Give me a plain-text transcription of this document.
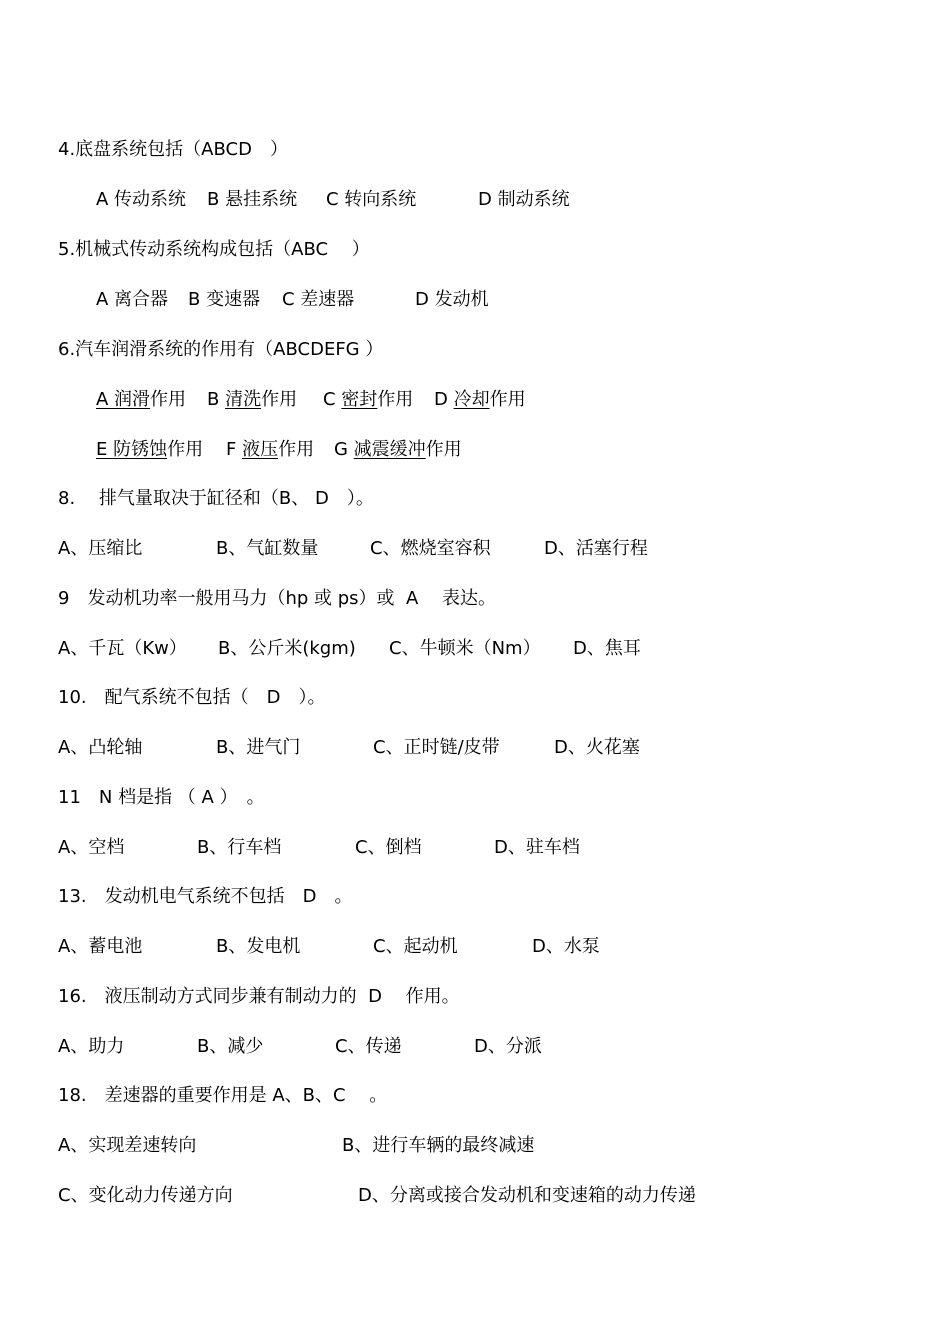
4.底盘系统包括（ABCD　）

A 传动系统

B 悬挂系统

C 转向系统

	D 制动系统

5.机械式传动系统构成包括（ABC　 ）

A 离合器

B 变速器

C 差速器

	D 发动机

6.汽车润滑系统的作用有（ABCDEFG ）

A 润滑作用

B 清洗作用

C 密封作用

D 冷却作用

E 防锈蚀作用

F 液压作用

G 减震缓冲作用

8.　 排气量取决于缸径和（B、 D　）。

A、压缩比

	B、气缸数量

	C、燃烧室容积

	D、活塞行程

9　发动机功率一般用马力（hp 或 ps）或  A 　表达。

A、千瓦（Kw）

B、公斤米(kgm)

C、牛顿米（Nm）

D、焦耳

10.　配气系统不包括（　D　）。

A、凸轮轴

	B、进气门

	C、正时链/皮带

	D、火花塞

11　N 档是指 （ A ）　。

A、空档

	B、行车档

	C、倒档

	D、驻车档

13.　发动机电气系统不包括　D　。

A、蓄电池

	B、发电机

	C、起动机

	D、水泵

16.　液压制动方式同步兼有制动力的  D 　作用。

A、助力

	B、减少

	C、传递

	D、分派

18.　差速器的重要作用是 A、B、C 　。

A、实现差速转向

	B、进行车辆的最终减速

C、变化动力传递方向

	D、分离或接合发动机和变速箱的动力传递
